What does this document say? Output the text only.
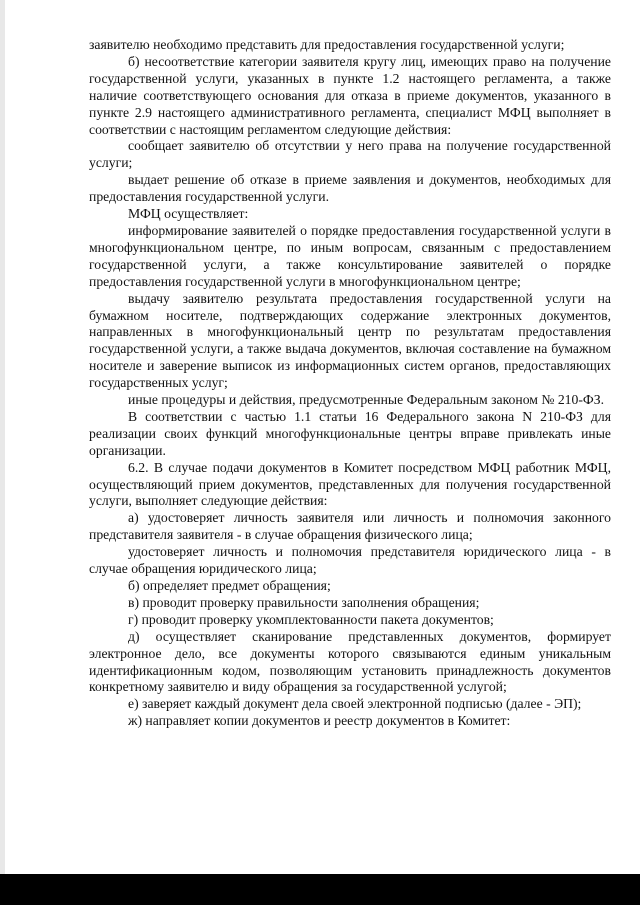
заявителю необходимо представить для предоставления государственной услуги;

б) несоответствие категории заявителя кругу лиц, имеющих право на получение государственной услуги, указанных в пункте 1.2 настоящего регламента, а также наличие соответствующего основания для отказа в приеме документов, указанного в пункте 2.9 настоящего административного регламента, специалист МФЦ выполняет в соответствии с настоящим регламентом следующие действия:

сообщает заявителю об отсутствии у него права на получение государственной услуги;

выдает решение об отказе в приеме заявления и документов, необходимых для предоставления государственной услуги.

МФЦ осуществляет:

информирование заявителей о порядке предоставления государственной услуги в многофункциональном центре, по иным вопросам, связанным с предоставлением государственной услуги, а также консультирование заявителей о порядке предоставления государственной услуги в многофункциональном центре;

выдачу заявителю результата предоставления государственной услуги на бумажном носителе, подтверждающих содержание электронных документов, направленных в многофункциональный центр по результатам предоставления государственной услуги, а также выдача документов, включая составление на бумажном носителе и заверение выписок из информационных систем органов, предоставляющих государственных услуг;

иные процедуры и действия, предусмотренные Федеральным законом № 210-ФЗ.

В соответствии с частью 1.1 статьи 16 Федерального закона N 210-ФЗ для реализации своих функций многофункциональные центры вправе привлекать иные организации.

6.2. В случае подачи документов в Комитет посредством МФЦ работник МФЦ, осуществляющий прием документов, представленных для получения государственной услуги, выполняет следующие действия:

а) удостоверяет личность заявителя или личность и полномочия законного представителя заявителя - в случае обращения физического лица;

удостоверяет личность и полномочия представителя юридического лица - в случае обращения юридического лица;

б) определяет предмет обращения;

в) проводит проверку правильности заполнения обращения;

г) проводит проверку укомплектованности пакета документов;

д) осуществляет сканирование представленных документов, формирует электронное дело, все документы которого связываются единым уникальным идентификационным кодом, позволяющим установить принадлежность документов конкретному заявителю и виду обращения за государственной услугой;

е) заверяет каждый документ дела своей электронной подписью (далее - ЭП);

ж) направляет копии документов и реестр документов в Комитет:
